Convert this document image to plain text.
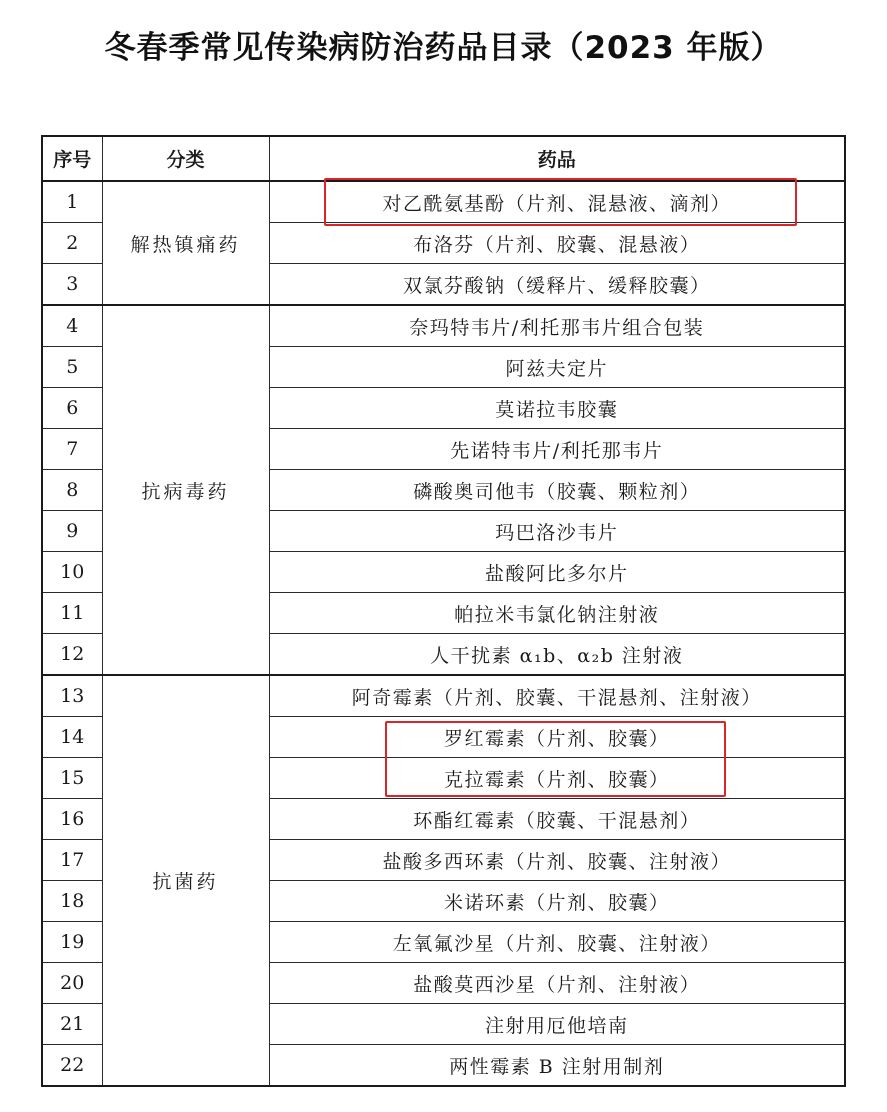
冬春季常见传染病防治药品目录（2023 年版）
序号	分类	药品
1	解热镇痛药	对乙酰氨基酚（片剂、混悬液、滴剂）
2		布洛芬（片剂、胶囊、混悬液）
3		双氯芬酸钠（缓释片、缓释胶囊）
4	抗病毒药	奈玛特韦片/利托那韦片组合包装
5		阿兹夫定片
6		莫诺拉韦胶囊
7		先诺特韦片/利托那韦片
8		磷酸奥司他韦（胶囊、颗粒剂）
9		玛巴洛沙韦片
10		盐酸阿比多尔片
11		帕拉米韦氯化钠注射液
12		人干扰素 α₁b、α₂b 注射液
13	抗菌药	阿奇霉素（片剂、胶囊、干混悬剂、注射液）
14		罗红霉素（片剂、胶囊）
15		克拉霉素（片剂、胶囊）
16		环酯红霉素（胶囊、干混悬剂）
17		盐酸多西环素（片剂、胶囊、注射液）
18		米诺环素（片剂、胶囊）
19		左氧氟沙星（片剂、胶囊、注射液）
20		盐酸莫西沙星（片剂、注射液）
21		注射用厄他培南
22		两性霉素 B 注射用制剂
